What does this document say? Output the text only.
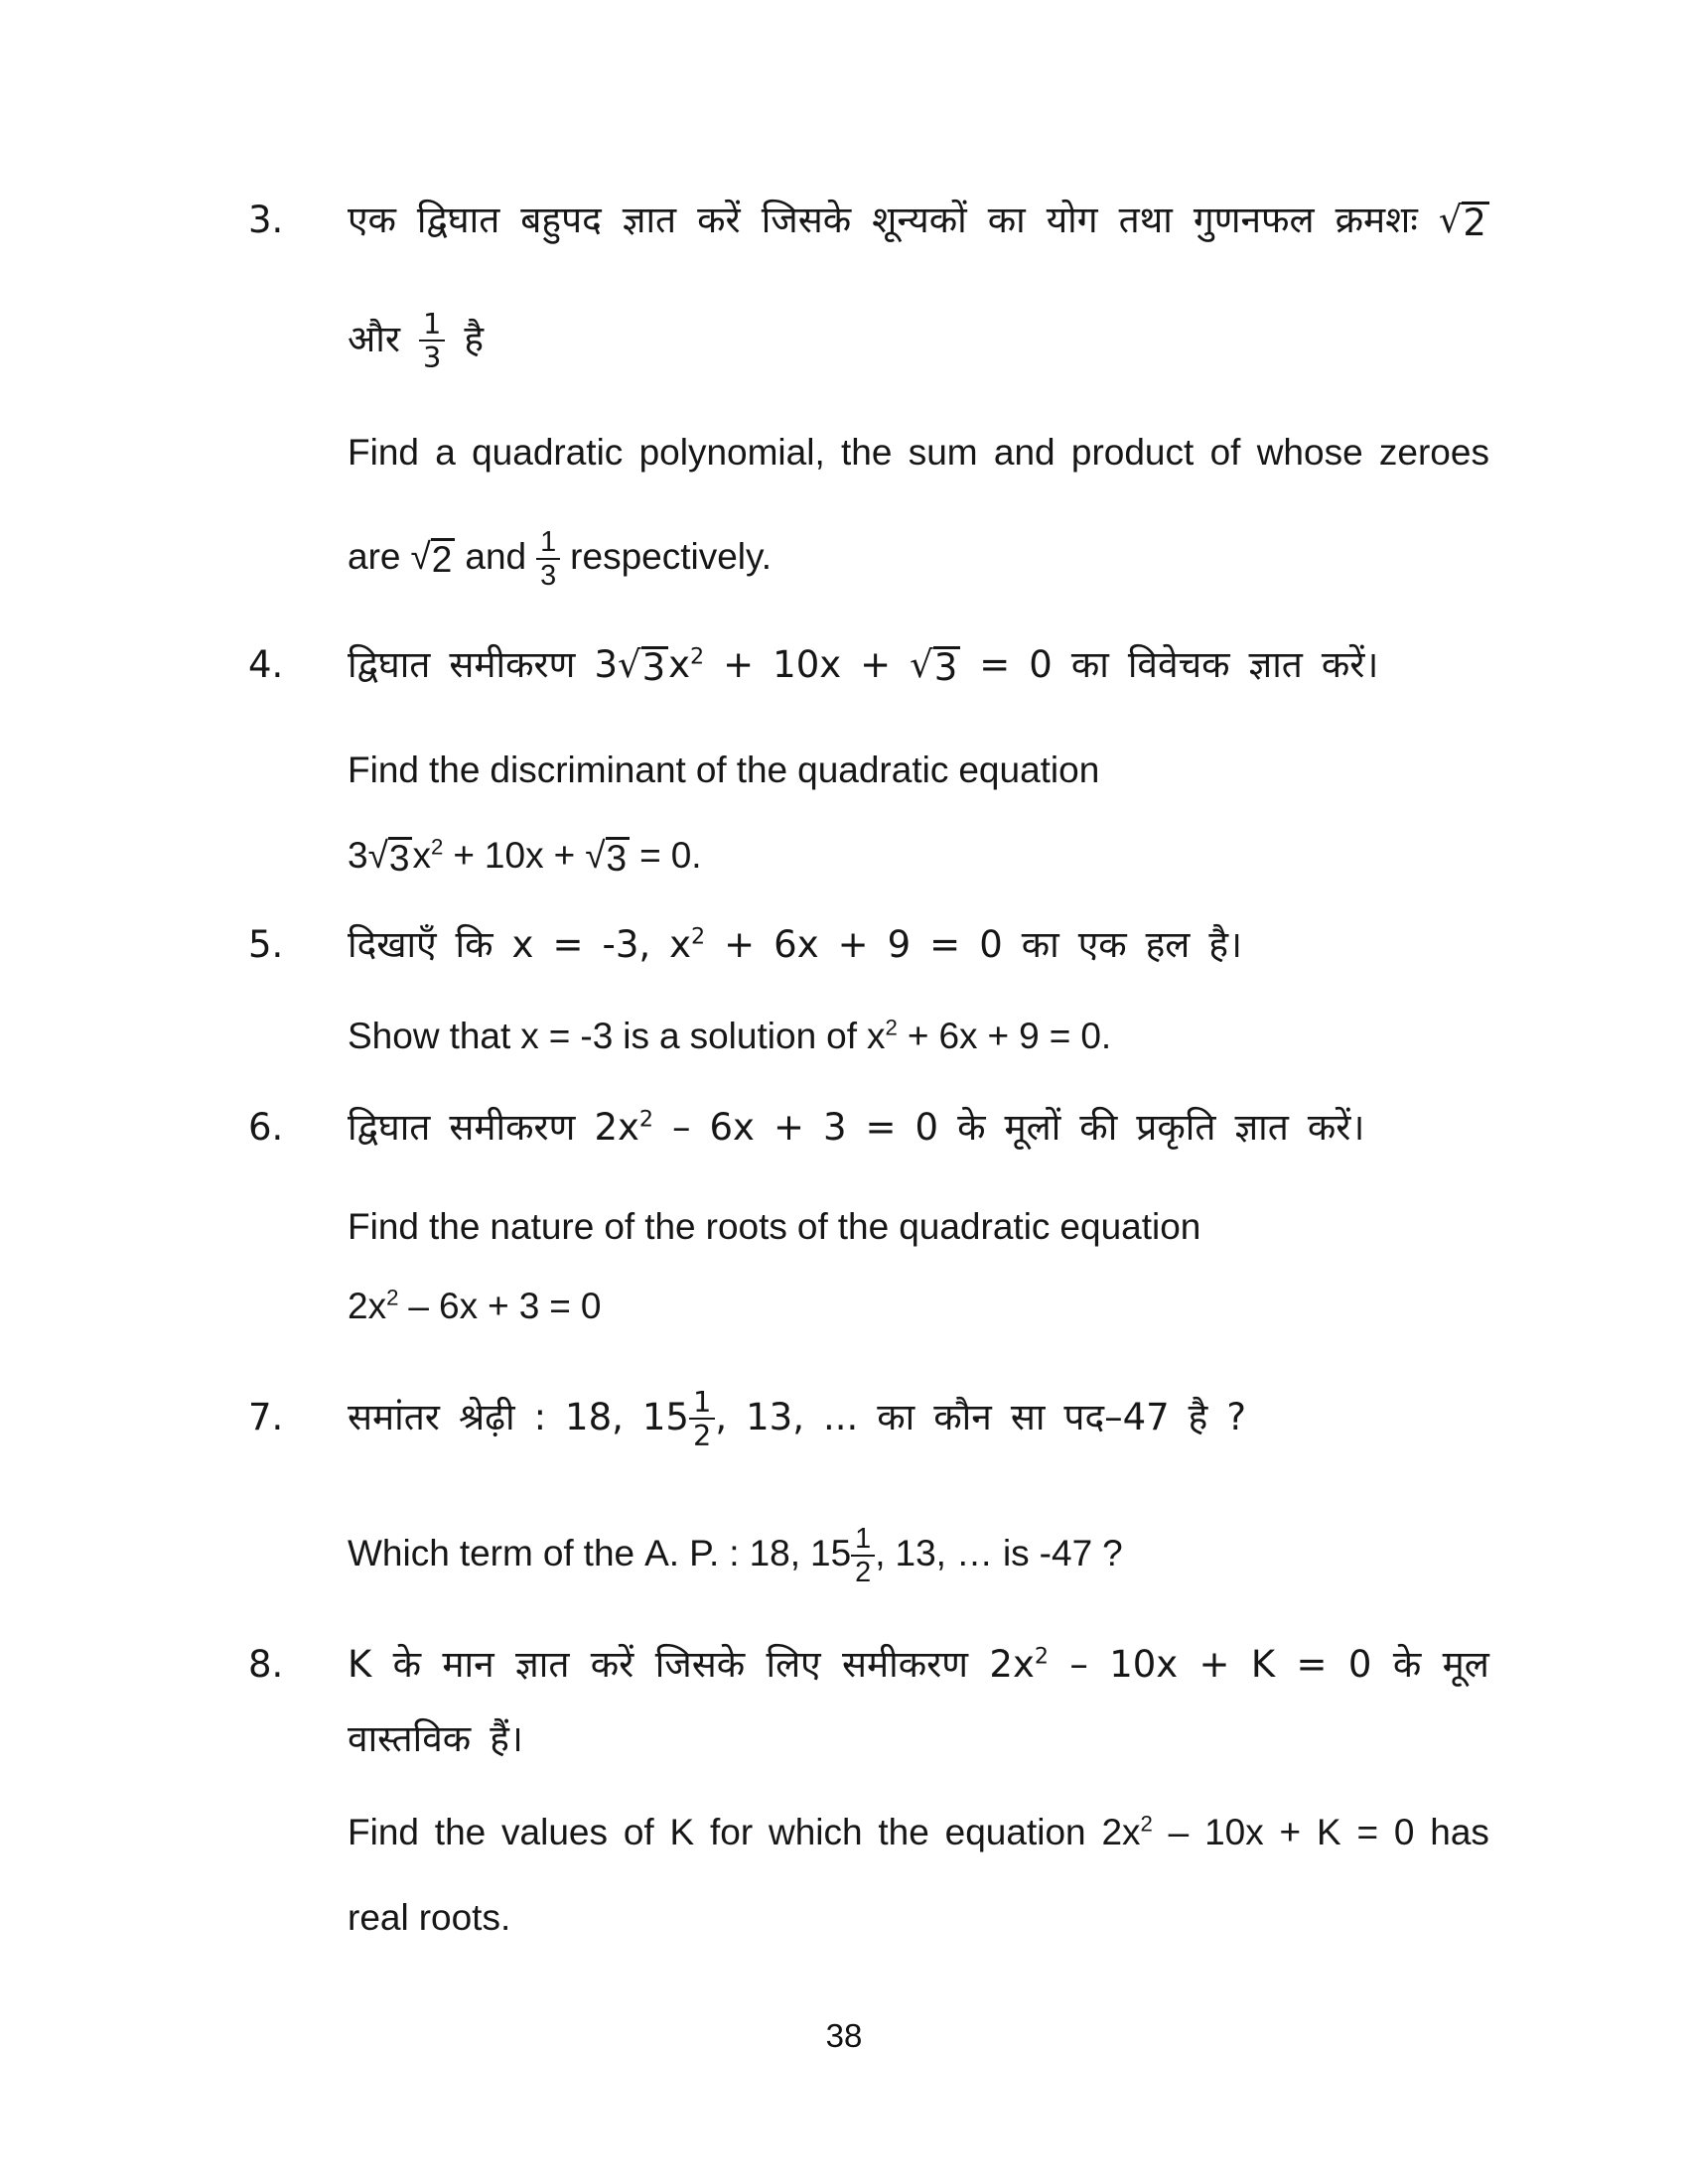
3.	एक द्विघात बहुपद ज्ञात करें जिसके शून्यकों का योग तथा गुणनफल क्रमशः √ 2
और $\frac{1}{3}$ है
Find a quadratic polynomial, the sum and product of whose zeroes
are √ 2 and $\frac{1}{3}$ respectively.
4.	द्विघात समीकरण 3 √ 3 $x^2 + 10x$ + √ 3 = 0 का विवेचक ज्ञात करें।
Find the discriminant of the quadratic equation
3 √ 3 $x^2 + 10x$ + √ 3 = 0.
5.	दिखाएँ कि x = -3, $x^2 + 6x + 9 = 0$ का एक हल है।
Show that x = -3 is a solution of $x^2 + 6x + 9 = 0$.
6.	द्विघात समीकरण $2x^2 - 6x + 3 = 0$ के मूलों की प्रकृति ज्ञात करें।
Find the nature of the roots of the quadratic equation
$2x^2 - 6x + 3 = 0$
7.	समांतर श्रेढ़ी : 18, $15 \frac{1}{2}$ , 13, ... का कौन सा पद–47 है ?
Which term of the A. P. : 18, $15 \frac{1}{2}$ , 13, … is -47 ?
8.	K के मान ज्ञात करें जिसके लिए समीकरण $2x^2 - 10x + K = 0$ के मूल
वास्तविक हैं।
Find the values of K for which the equation $2x^2 - 10x + K = 0$ has
real roots.
38
